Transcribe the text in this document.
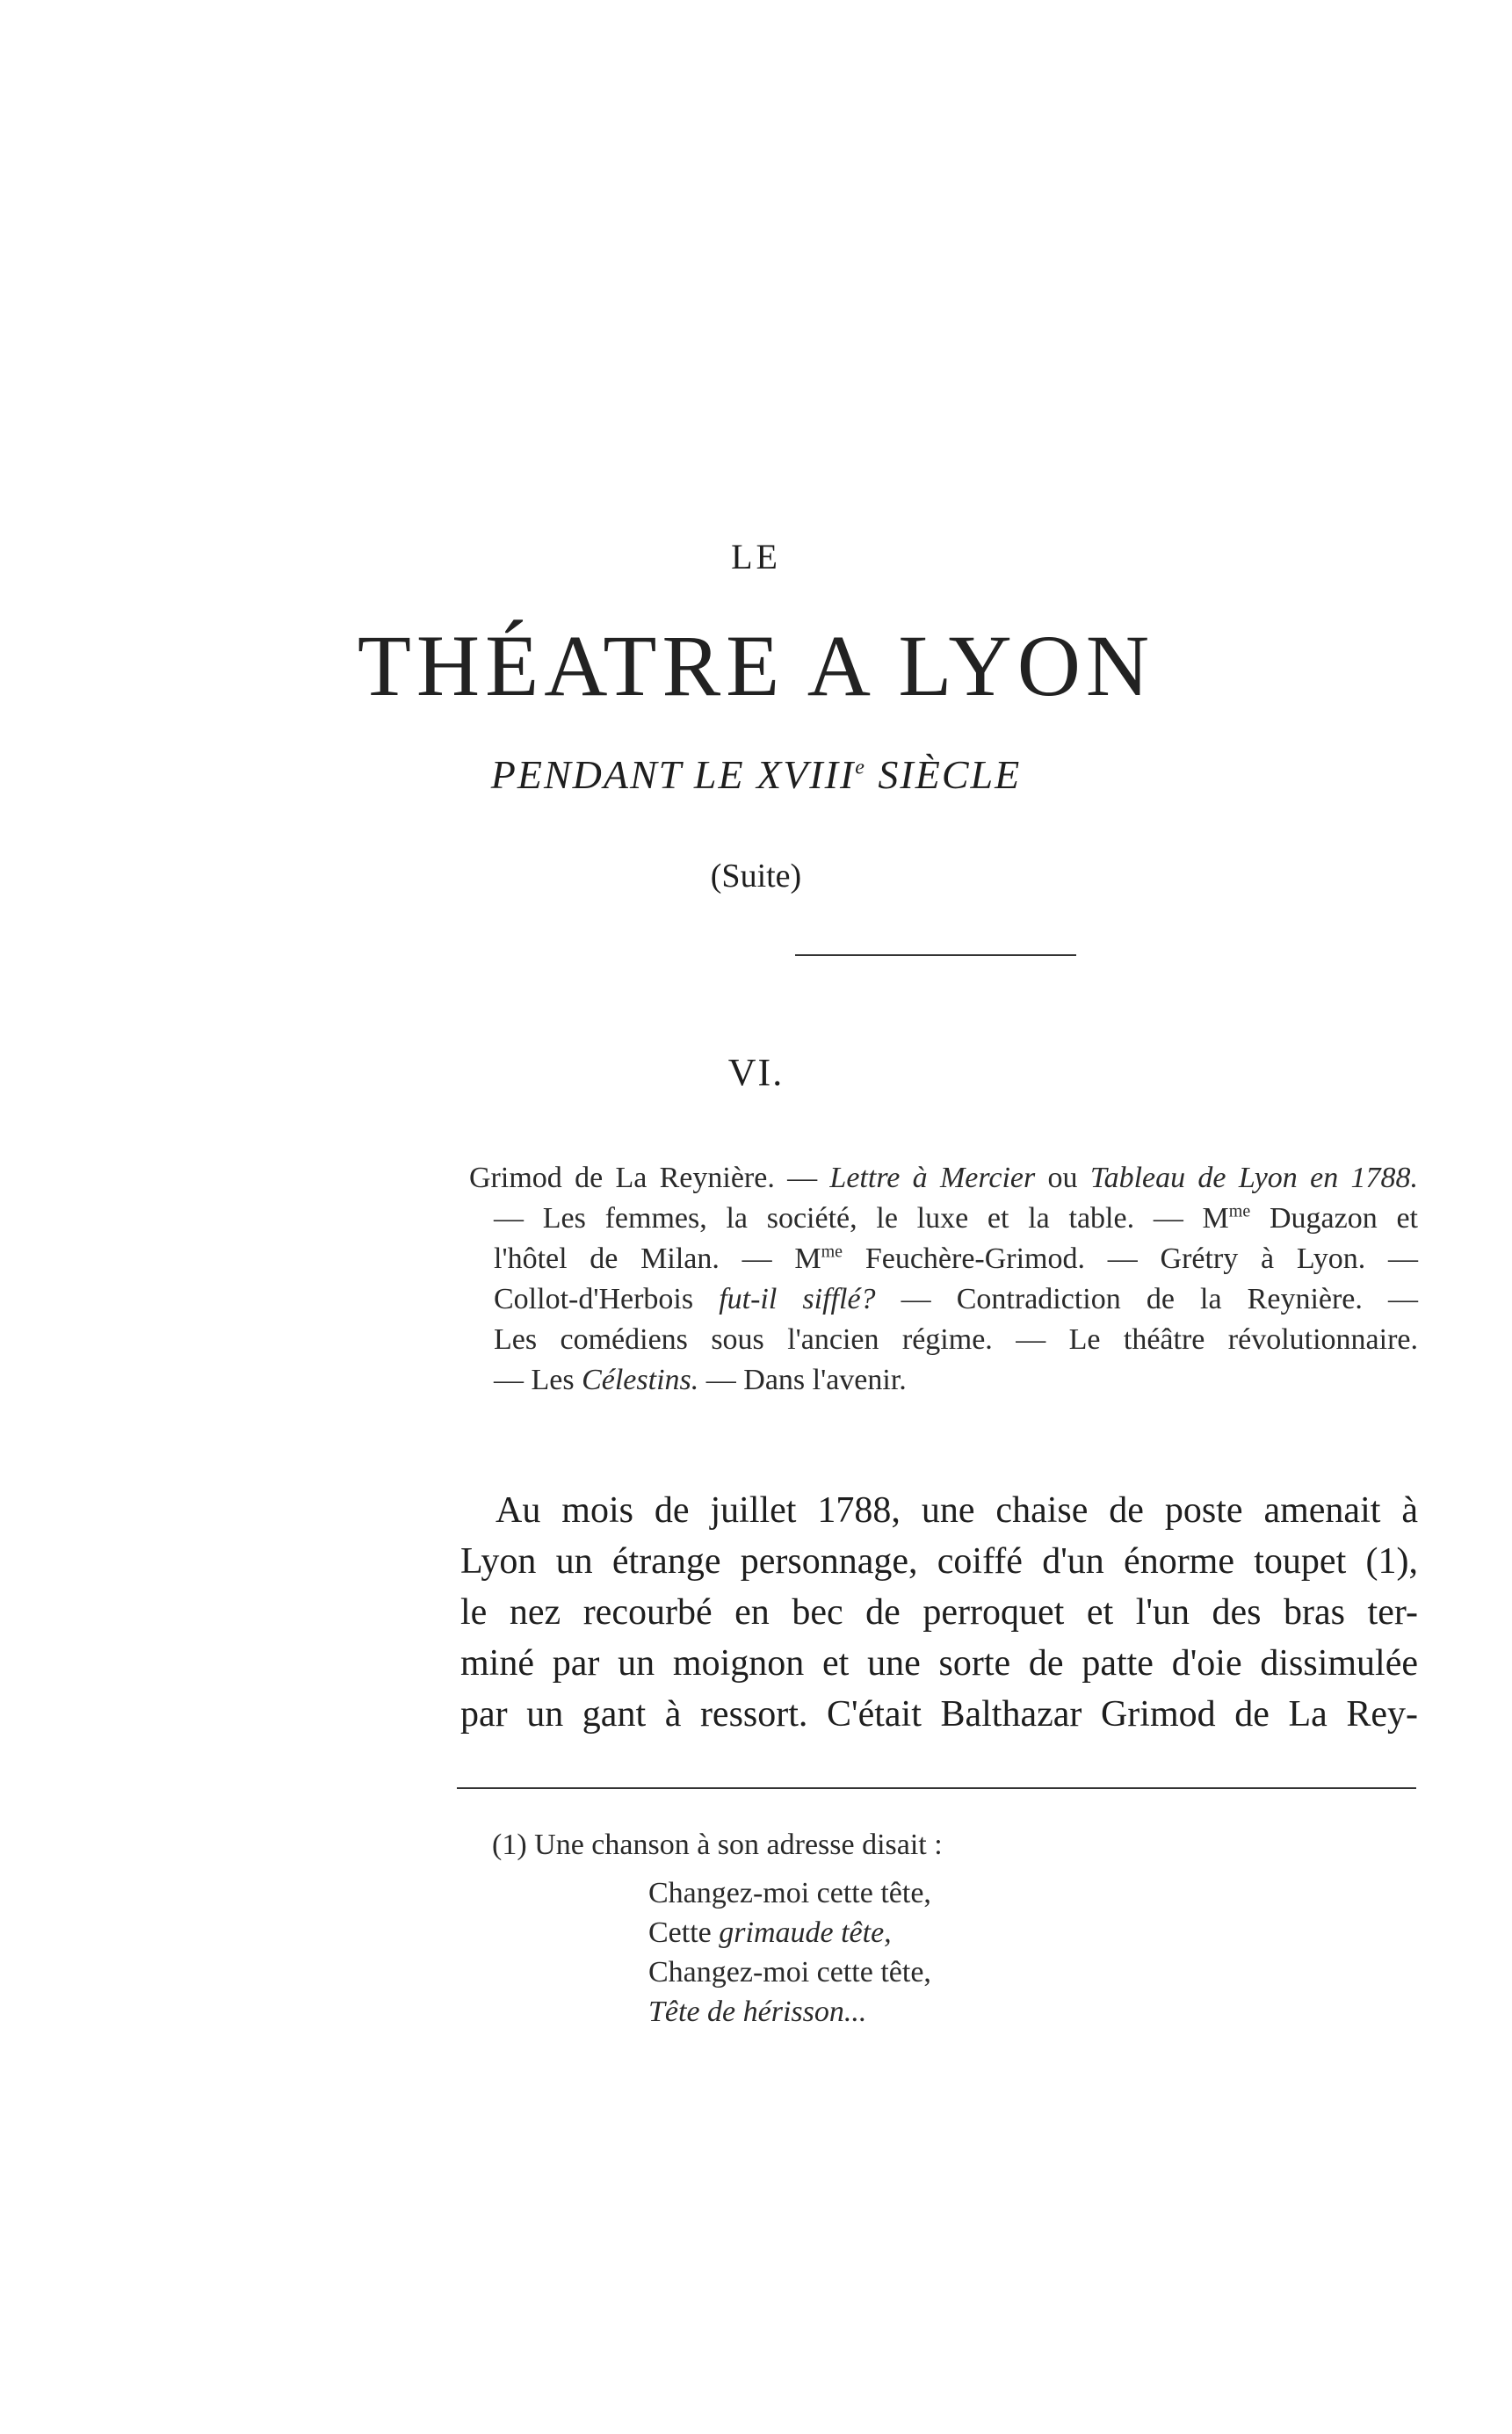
LE
THÉATRE A LYON
PENDANT LE XVIIIe SIÈCLE
(Suite)
VI.
Grimod de La Reynière. — Lettre à Mercier ou Tableau de Lyon en 1788.
— Les femmes, la société, le luxe et la table. — $M^{me}$ Dugazon et
l'hôtel de Milan. — $M^{me}$ Feuchère-Grimod. — Grétry à Lyon. —
Collot-d'Herbois fut-il sifflé? — Contradiction de la Reynière. —
Les comédiens sous l'ancien régime. — Le théâtre révolutionnaire.
— Les Célestins. — Dans l'avenir.
Au mois de juillet 1788, une chaise de poste amenait à
Lyon un étrange personnage, coiffé d'un énorme toupet (1),
le nez recourbé en bec de perroquet et l'un des bras ter-
miné par un moignon et une sorte de patte d'oie dissimulée
par un gant à ressort. C'était Balthazar Grimod de La Rey-
(1) Une chanson à son adresse disait :
Changez-moi cette tête,
Cette grimaude tête,
Changez-moi cette tête,
Tête de hérisson...
